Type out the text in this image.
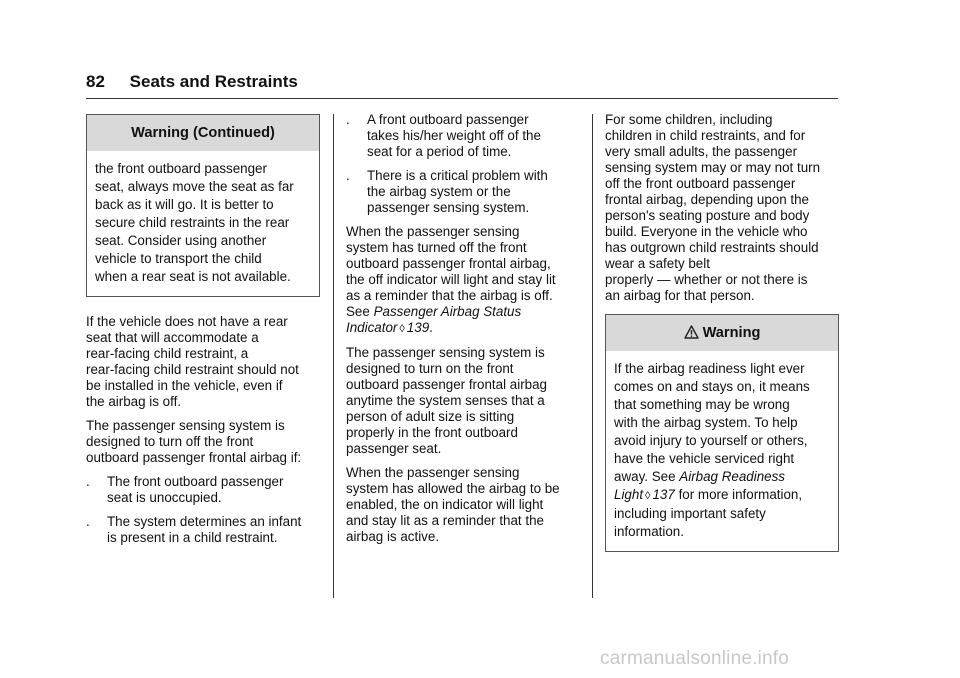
82 Seats and Restraints
Warning (Continued)
the front outboard passenger
seat, always move the seat as far
back as it will go. It is better to
secure child restraints in the rear
seat. Consider using another
vehicle to transport the child
when a rear seat is not available.

If the vehicle does not have a rear
seat that will accommodate a
rear-facing child restraint, a
rear-facing child restraint should not
be installed in the vehicle, even if
the airbag is off.

The passenger sensing system is
designed to turn off the front
outboard passenger frontal airbag if:

. The front outboard passenger
seat is unoccupied.
. The system determines an infant
is present in a child restraint.
. A front outboard passenger
takes his/her weight off of the
seat for a period of time.
. There is a critical problem with
the airbag system or the
passenger sensing system.

When the passenger sensing
system has turned off the front
outboard passenger frontal airbag,
the off indicator will light and stay lit
as a reminder that the airbag is off.
See Passenger Airbag Status
Indicator ◊ 139.

The passenger sensing system is
designed to turn on the front
outboard passenger frontal airbag
anytime the system senses that a
person of adult size is sitting
properly in the front outboard
passenger seat.

When the passenger sensing
system has allowed the airbag to be
enabled, the on indicator will light
and stay lit as a reminder that the
airbag is active.

For some children, including
children in child restraints, and for
very small adults, the passenger
sensing system may or may not turn
off the front outboard passenger
frontal airbag, depending upon the
person's seating posture and body
build. Everyone in the vehicle who
has outgrown child restraints should
wear a safety belt
properly — whether or not there is
an airbag for that person.

Warning
If the airbag readiness light ever
comes on and stays on, it means
that something may be wrong
with the airbag system. To help
avoid injury to yourself or others,
have the vehicle serviced right
away. See Airbag Readiness
Light ◊ 137 for more information,
including important safety
information.
carmanualsonline.info
